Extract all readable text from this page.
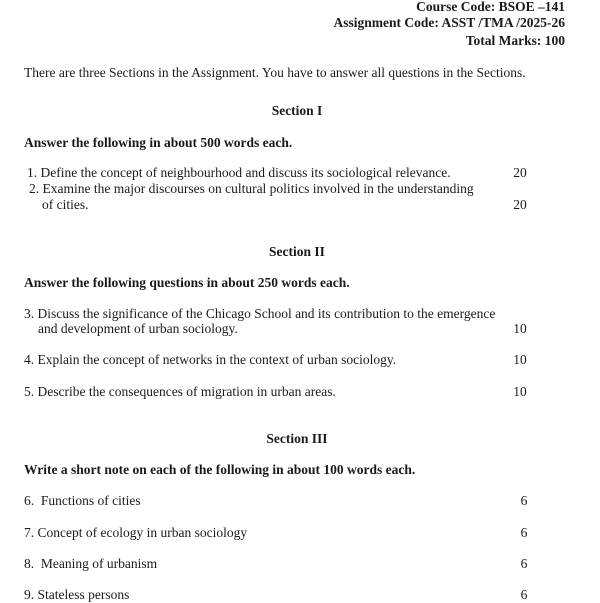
Course Code: BSOE –141
Assignment Code: ASST /TMA /2025-26
Total Marks: 100
There are three Sections in the Assignment. You have to answer all questions in the Sections.
Section I
Answer the following in about 500 words each.
1. Define the concept of neighbourhood and discuss its sociological relevance.	20
2. Examine the major discourses on cultural politics involved in the understanding
of cities.	20
Section II
Answer the following questions in about 250 words each.
3. Discuss the significance of the Chicago School and its contribution to the emergence
and development of urban sociology.	10
4. Explain the concept of networks in the context of urban sociology.	10
5. Describe the consequences of migration in urban areas.	10
Section III
Write a short note on each of the following in about 100 words each.
6.  Functions of cities	6
7. Concept of ecology in urban sociology	6
8.  Meaning of urbanism	6
9. Stateless persons	6
